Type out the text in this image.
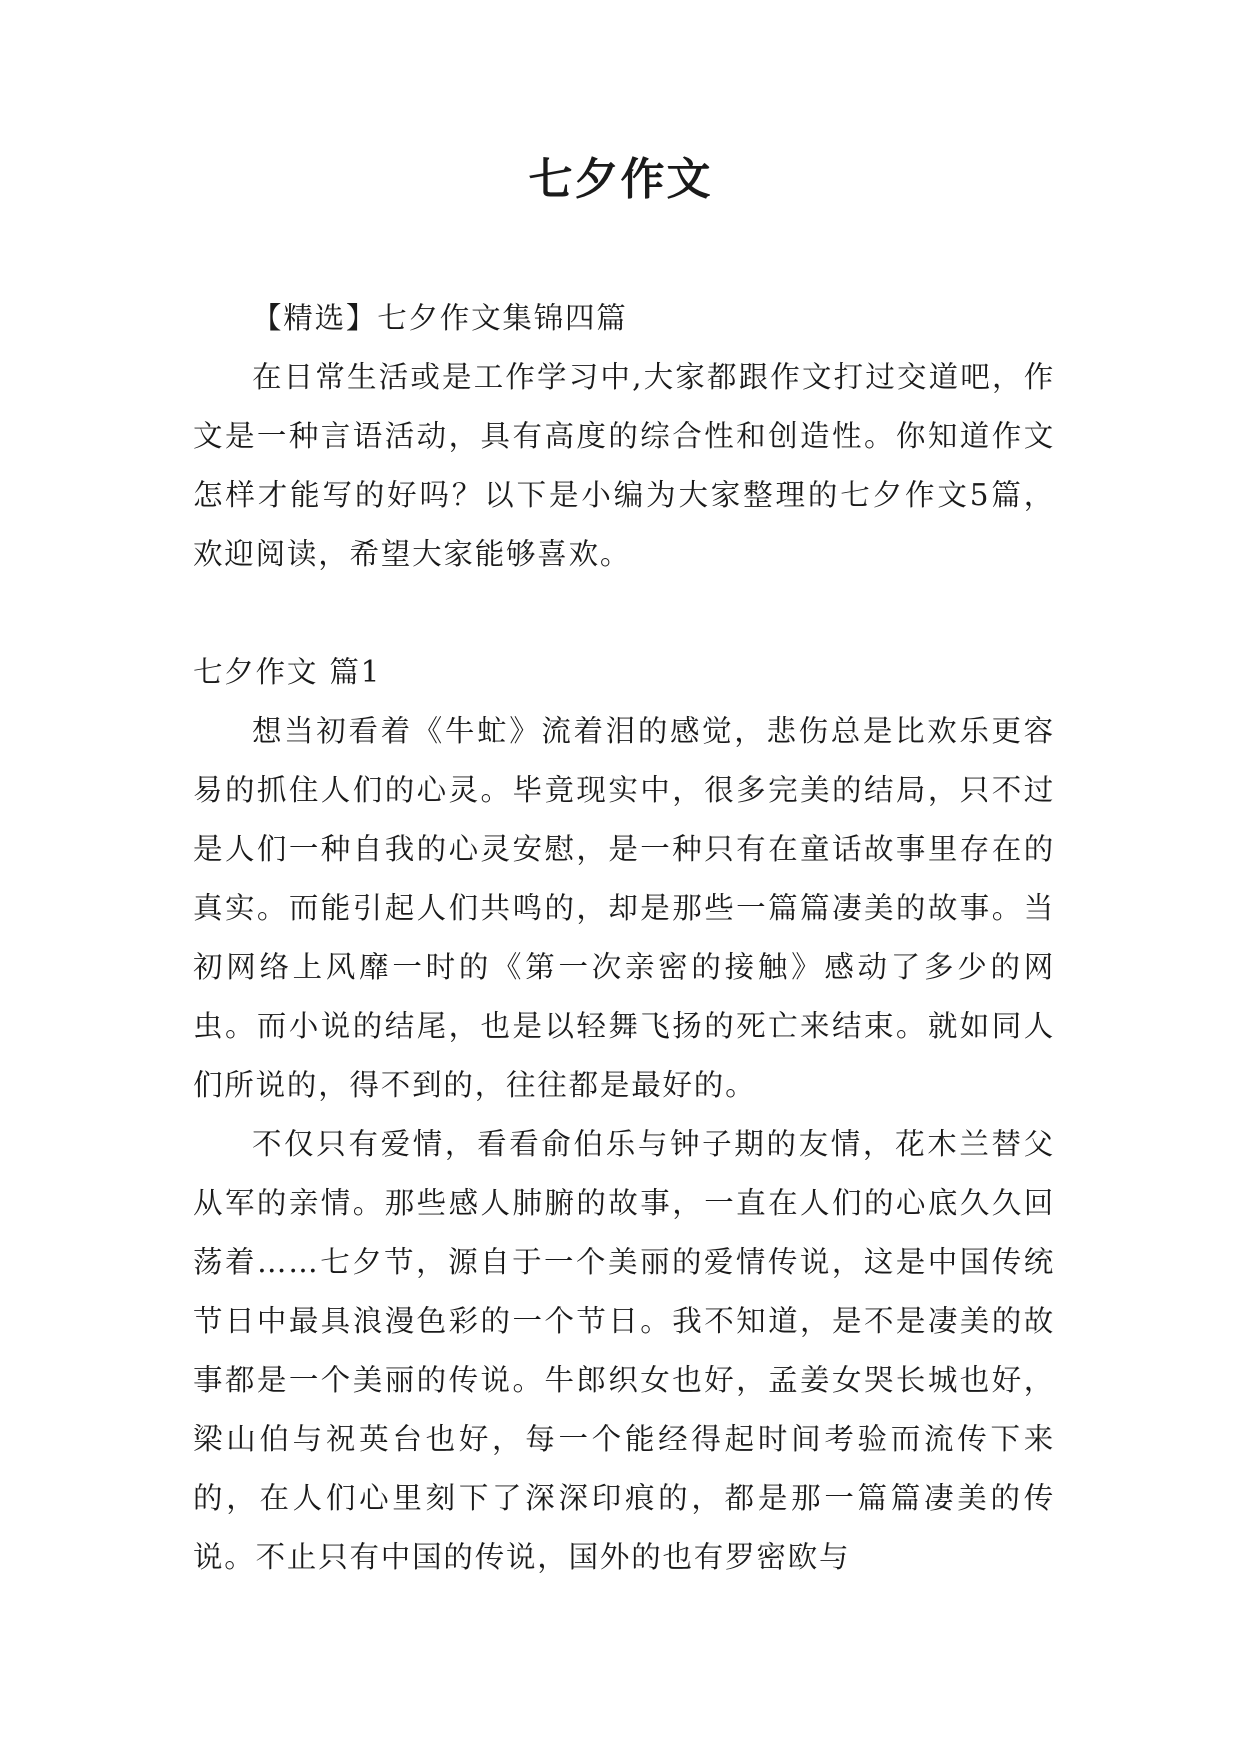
七夕作文

【精选】七夕作文集锦四篇

在日常生活或是工作学习中,大家都跟作文打过交道吧，作文是一种言语活动，具有高度的综合性和创造性。你知道作文怎样才能写的好吗？以下是小编为大家整理的七夕作文5篇，欢迎阅读，希望大家能够喜欢。

七夕作文 篇1

想当初看着《牛虻》流着泪的感觉，悲伤总是比欢乐更容易的抓住人们的心灵。毕竟现实中，很多完美的结局，只不过是人们一种自我的心灵安慰，是一种只有在童话故事里存在的真实。而能引起人们共鸣的，却是那些一篇篇凄美的故事。当初网络上风靡一时的《第一次亲密的接触》感动了多少的网虫。而小说的结尾，也是以轻舞飞扬的死亡来结束。就如同人们所说的，得不到的，往往都是最好的。

不仅只有爱情，看看俞伯乐与钟子期的友情，花木兰替父从军的亲情。那些感人肺腑的故事，一直在人们的心底久久回荡着……七夕节，源自于一个美丽的爱情传说，这是中国传统节日中最具浪漫色彩的一个节日。我不知道，是不是凄美的故事都是一个美丽的传说。牛郎织女也好，孟姜女哭长城也好，梁山伯与祝英台也好，每一个能经得起时间考验而流传下来的，在人们心里刻下了深深印痕的，都是那一篇篇凄美的传说。不止只有中国的传说，国外的也有罗密欧与
